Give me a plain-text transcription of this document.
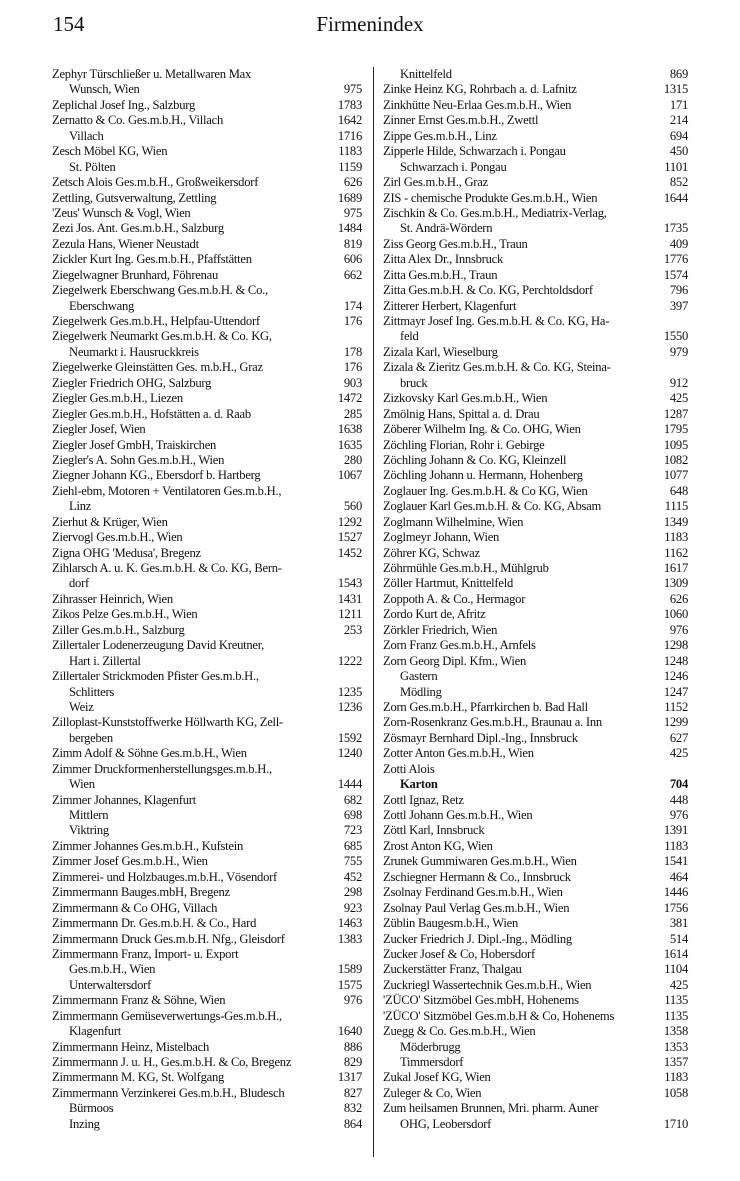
154	Firmenindex
Zephyr Türschließer u. Metallwaren Max
Wunsch, Wien	975
Zeplichal Josef Ing., Salzburg	1783
Zernatto & Co. Ges.m.b.H., Villach	1642
Villach	1716
Zesch Möbel KG, Wien	1183
St. Pölten	1159
Zetsch Alois Ges.m.b.H., Großweikersdorf	626
Zettling, Gutsverwaltung, Zettling	1689
'Zeus' Wunsch & Vogl, Wien	975
Zezi Jos. Ant. Ges.m.b.H., Salzburg	1484
Zezula Hans, Wiener Neustadt	819
Zickler Kurt Ing. Ges.m.b.H., Pfaffstätten	606
Ziegelwagner Brunhard, Föhrenau	662
Ziegelwerk Eberschwang Ges.m.b.H. & Co.,
Eberschwang	174
Ziegelwerk Ges.m.b.H., Helpfau-Uttendorf	176
Ziegelwerk Neumarkt Ges.m.b.H. & Co. KG,
Neumarkt i. Hausruckkreis	178
Ziegelwerke Gleinstätten Ges. m.b.H., Graz	176
Ziegler Friedrich OHG, Salzburg	903
Ziegler Ges.m.b.H., Liezen	1472
Ziegler Ges.m.b.H., Hofstätten a. d. Raab	285
Ziegler Josef, Wien	1638
Ziegler Josef GmbH, Traiskirchen	1635
Ziegler's A. Sohn Ges.m.b.H., Wien	280
Ziegner Johann KG., Ebersdorf b. Hartberg	1067
Ziehl-ebm, Motoren + Ventilatoren Ges.m.b.H.,
Linz	560
Zierhut & Krüger, Wien	1292
Ziervogl Ges.m.b.H., Wien	1527
Zigna OHG 'Medusa', Bregenz	1452
Zihlarsch A. u. K. Ges.m.b.H. & Co. KG, Bern-
dorf	1543
Zihrasser Heinrich, Wien	1431
Zikos Pelze Ges.m.b.H., Wien	1211
Ziller Ges.m.b.H., Salzburg	253
Zillertaler Lodenerzeugung David Kreutner,
Hart i. Zillertal	1222
Zillertaler Strickmoden Pfister Ges.m.b.H.,
Schlitters	1235
Weiz	1236
Zilloplast-Kunststoffwerke Höllwarth KG, Zell-
bergeben	1592
Zimm Adolf & Söhne Ges.m.b.H., Wien	1240
Zimmer Druckformenherstellungsges.m.b.H.,
Wien	1444
Zimmer Johannes, Klagenfurt	682
Mittlern	698
Viktring	723
Zimmer Johannes Ges.m.b.H., Kufstein	685
Zimmer Josef Ges.m.b.H., Wien	755
Zimmerei- und Holzbauges.m.b.H., Vösendorf	452
Zimmermann Bauges.mbH, Bregenz	298
Zimmermann & Co OHG, Villach	923
Zimmermann Dr. Ges.m.b.H. & Co., Hard	1463
Zimmermann Druck Ges.m.b.H. Nfg., Gleisdorf	1383
Zimmermann Franz, Import- u. Export
Ges.m.b.H., Wien	1589
Unterwaltersdorf	1575
Zimmermann Franz & Söhne, Wien	976
Zimmermann Gemüseverwertungs-Ges.m.b.H.,
Klagenfurt	1640
Zimmermann Heinz, Mistelbach	886
Zimmermann J. u. H., Ges.m.b.H. & Co, Bregenz	829
Zimmermann M. KG, St. Wolfgang	1317
Zimmermann Verzinkerei Ges.m.b.H., Bludesch	827
Bürmoos	832
Inzing	864
Knittelfeld	869
Zinke Heinz KG, Rohrbach a. d. Lafnitz	1315
Zinkhütte Neu-Erlaa Ges.m.b.H., Wien	171
Zinner Ernst Ges.m.b.H., Zwettl	214
Zippe Ges.m.b.H., Linz	694
Zipperle Hilde, Schwarzach i. Pongau	450
Schwarzach i. Pongau	1101
Zirl Ges.m.b.H., Graz	852
ZIS - chemische Produkte Ges.m.b.H., Wien	1644
Zischkin & Co. Ges.m.b.H., Mediatrix-Verlag,
St. Andrä-Wördern	1735
Ziss Georg Ges.m.b.H., Traun	409
Zitta Alex Dr., Innsbruck	1776
Zitta Ges.m.b.H., Traun	1574
Zitta Ges.m.b.H. & Co. KG, Perchtoldsdorf	796
Zitterer Herbert, Klagenfurt	397
Zittmayr Josef Ing. Ges.m.b.H. & Co. KG, Ha-
feld	1550
Zizala Karl, Wieselburg	979
Zizala & Zieritz Ges.m.b.H. & Co. KG, Steina-
bruck	912
Zizkovsky Karl Ges.m.b.H., Wien	425
Zmölnig Hans, Spittal a. d. Drau	1287
Zöberer Wilhelm Ing. & Co. OHG, Wien	1795
Zöchling Florian, Rohr i. Gebirge	1095
Zöchling Johann & Co. KG, Kleinzell	1082
Zöchling Johann u. Hermann, Hohenberg	1077
Zoglauer Ing. Ges.m.b.H. & Co KG, Wien	648
Zoglauer Karl Ges.m.b.H. & Co. KG, Absam	1115
Zoglmann Wilhelmine, Wien	1349
Zoglmeyr Johann, Wien	1183
Zöhrer KG, Schwaz	1162
Zöhrmühle Ges.m.b.H., Mühlgrub	1617
Zöller Hartmut, Knittelfeld	1309
Zoppoth A. & Co., Hermagor	626
Zordo Kurt de, Afritz	1060
Zörkler Friedrich, Wien	976
Zorn Franz Ges.m.b.H., Arnfels	1298
Zorn Georg Dipl. Kfm., Wien	1248
Gastern	1246
Mödling	1247
Zorn Ges.m.b.H., Pfarrkirchen b. Bad Hall	1152
Zorn-Rosenkranz Ges.m.b.H., Braunau a. Inn	1299
Zösmayr Bernhard Dipl.-Ing., Innsbruck	627
Zotter Anton Ges.m.b.H., Wien	425
Zotti Alois
Karton	704
Zottl Ignaz, Retz	448
Zottl Johann Ges.m.b.H., Wien	976
Zöttl Karl, Innsbruck	1391
Zrost Anton KG, Wien	1183
Zrunek Gummiwaren Ges.m.b.H., Wien	1541
Zschiegner Hermann & Co., Innsbruck	464
Zsolnay Ferdinand Ges.m.b.H., Wien	1446
Zsolnay Paul Verlag Ges.m.b.H., Wien	1756
Züblin Baugesm.b.H., Wien	381
Zucker Friedrich J. Dipl.-Ing., Mödling	514
Zucker Josef & Co, Hobersdorf	1614
Zuckerstätter Franz, Thalgau	1104
Zuckriegl Wassertechnik Ges.m.b.H., Wien	425
'ZÜCO' Sitzmöbel Ges.mbH, Hohenems	1135
'ZÜCO' Sitzmöbel Ges.m.b.H & Co, Hohenems	1135
Zuegg & Co. Ges.m.b.H., Wien	1358
Möderbrugg	1353
Timmersdorf	1357
Zukal Josef KG, Wien	1183
Zuleger & Co, Wien	1058
Zum heilsamen Brunnen, Mri. pharm. Auner
OHG, Leobersdorf	1710
